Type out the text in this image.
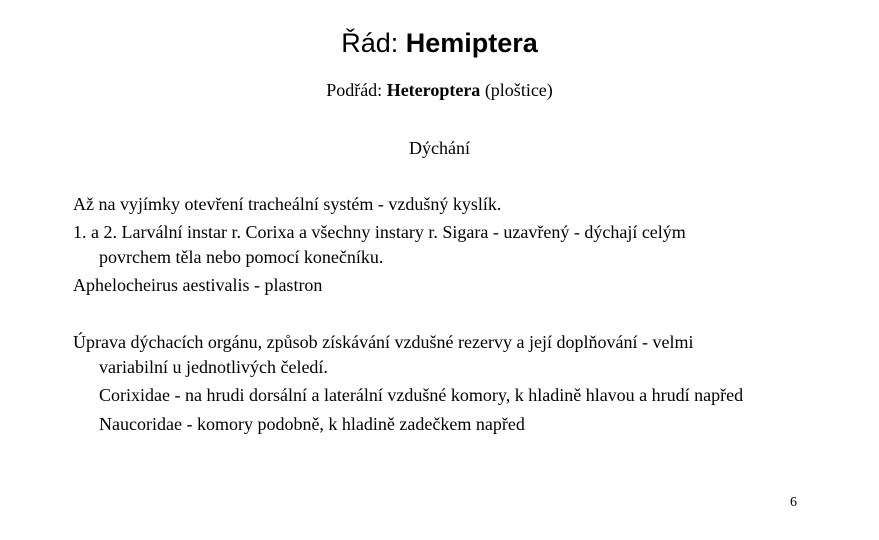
Řád: Hemiptera
Podřád: Heteroptera (ploštice)
Dýchání
Až na vyjímky otevření tracheální systém - vzdušný kyslík.
1. a 2. Larvální instar r. Corixa a všechny instary r. Sigara - uzavřený - dýchají celým
povrchem těla nebo pomocí konečníku.
Aphelocheirus aestivalis - plastron
Úprava dýchacích orgánu, způsob získávání vzdušné rezervy a její doplňování - velmi
variabilní u jednotlivých čeledí.
Corixidae - na hrudi dorsální a laterální vzdušné komory, k hladině hlavou a hrudí napřed
Naucoridae - komory podobně, k hladině zadečkem napřed
6
